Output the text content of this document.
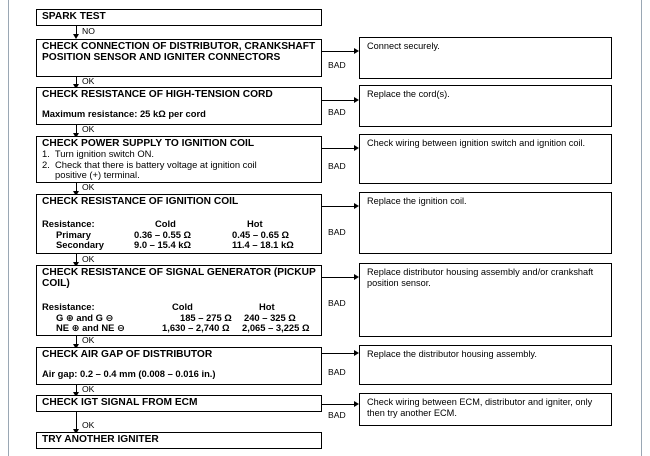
SPARK TEST
NO
CHECK CONNECTION OF DISTRIBUTOR, CRANKSHAFT POSITION SENSOR AND IGNITER CONNECTORS
BAD
Connect securely.
OK
CHECK RESISTANCE OF HIGH-TENSION CORD
Maximum resistance: 25 kΩ per cord	BAD
Replace the cord(s).
OK
CHECK POWER SUPPLY TO IGNITION COIL
1.  Turn ignition switch ON.
2.  Check that there is battery voltage at ignition coil
positive (+) terminal.
BAD
Check wiring between ignition switch and ignition coil.
OK
CHECK RESISTANCE OF IGNITION COIL
Resistance:	Cold	Hot
Primary	0.36 – 0.55 Ω	0.45 – 0.65 Ω
Secondary	9.0 – 15.4 kΩ	11.4 – 18.1 kΩ
BAD
Replace the ignition coil.
OK
CHECK RESISTANCE OF SIGNAL GENERATOR (PICKUP COIL)
Resistance:	Cold	Hot
G ⊕ and G ⊖	185 – 275 Ω 240 – 325 Ω
NE ⊕ and NE ⊖	1,630 – 2,740 Ω 2,065 – 3,225 Ω
BAD
Replace distributor housing assembly and/or crankshaft position sensor.
OK
CHECK AIR GAP OF DISTRIBUTOR
Air gap: 0.2 – 0.4 mm (0.008 – 0.016 in.)	BAD
Replace the distributor housing assembly.
OK
CHECK IGT SIGNAL FROM ECM
BAD
Check wiring between ECM, distributor and igniter, only then try another ECM.
OK
TRY ANOTHER IGNITER
